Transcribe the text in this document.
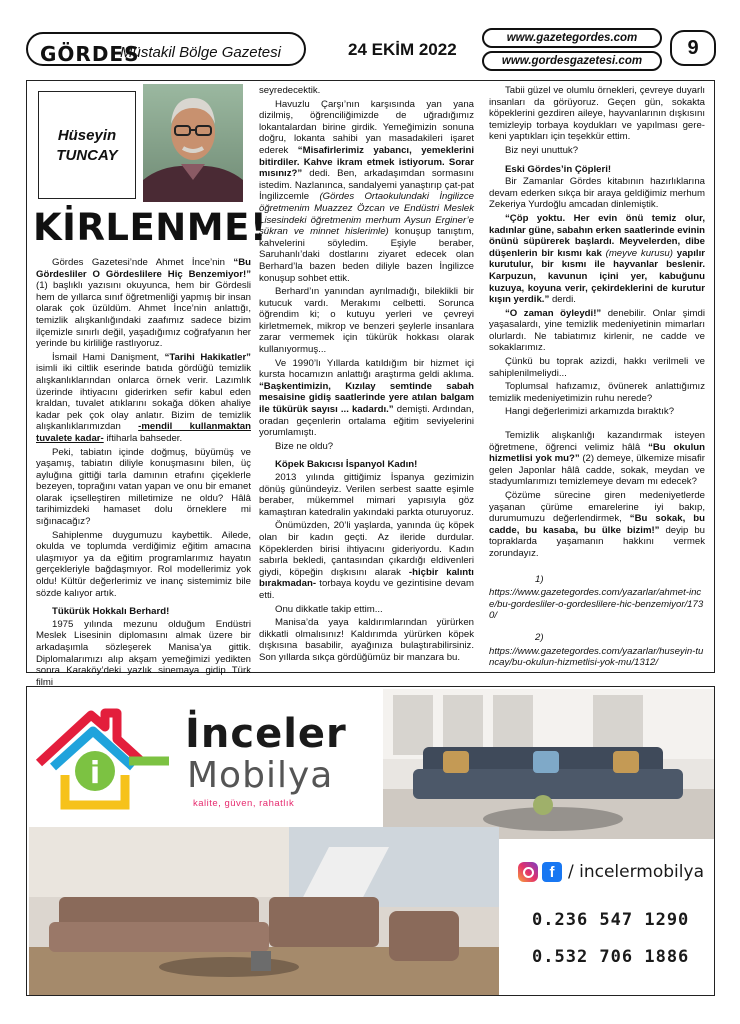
GÖRDES
Müstakil Bölge Gazetesi	24 EKİM 2022
www.gazetegordes.com
www.gordesgazetesi.com
9
Hüseyin
TUNCAY
KİRLENME!

Gördes Gazetesi’nde Ahmet İnce’nin “Bu Gördesliler O Gördeslilere Hiç Benzemiyor!” (1) başlıklı yazısını okuyunca, hem bir Gördesli hem de yıllarca sınıf öğretmenliği yapmış bir insan olarak çok üzüldüm. Ahmet İnce’nin anlattığı, temizlik alışkanlığındaki zaafımız sadece bizim ilçemizle sınırlı değil, yaşadığımız coğrafyanın her yerinde bu kirliliğe rastlıyoruz.

İsmail Hami Danişment, “Tarihi Hakikatler” isimli iki ciltlik eserinde batıda gördüğü temizlik alışkanlıklarından onlarca örnek verir. Lazımlık üzerinde ihtiyacını giderirken sefir kabul eden kraldan, tuvalet atıklarını sokağa döken ahaliye kadar pek çok olay anlatır. Bizim de temizlik alışkanlıklarımızdan -mendil kullanmaktan tuvalete kadar- iftiharla bahseder.

Peki, tabiatın içinde doğmuş, büyümüş ve yaşamış, tabiatın diliyle konuşmasını bilen, üç ayluğına gittiği tarla damının etrafını çiçeklerle bezeyen, toprağını vatan yapan ve onu bir emanet olarak içselleştiren milletimize ne oldu? Hâlâ tarihimizdeki hamaset dolu örneklere mi sığınacağız?

Sahiplenme duygumuzu kaybettik. Ailede, okulda ve toplumda verdiğimiz eğitim amacına ulaşmıyor ya da eğitim programlarımız hayatın gerçekleriyle bağdaşmıyor. Rol modellerimiz yok oldu! Kültür değerlerimiz ve inanç sistemimiz bile sözde kalıyor artık.

Tükürük Hokkalı Berhard!

1975 yılında mezunu olduğum Endüstri Meslek Lisesinin diplomasını almak üzere bir arkadaşımla sözleşerek Manisa’ya gittik. Diplomalarımızı alıp akşam yemeğimizi yedikten sonra Karaköy’deki yazlık sinemaya gidip Türk filmi

seyredecektik.

Havuzlu Çarşı’nın karşısında yan yana dizilmiş, öğrenciliğimizde de uğradığımız lokantalardan birine girdik. Yemeğimizin sonuna doğru, lokanta sahibi yan masadakileri işaret ederek “Misafirlerimiz yabancı, yemeklerini bitirdiler. Kahve ikram etmek istiyorum. Sorar mısınız?” dedi. Ben, arkadaşımdan sormasını istedim. Nazlanınca, sandalyemi yanaştırıp çat-pat İngilizcemle (Gördes Ortaokulundaki İngilizce öğretmenim Muazzez Özcan ve Endüstri Meslek Lisesindeki öğretmenim merhum Aysun Erginer’e şükran ve minnet hislerimle) konuşup tanıştım, kahvelerini söyledim. Eşiyle beraber, Saruhanlı’daki dostlarını ziyaret edecek olan Berhard’la bazen beden diliyle bazen İngilizce konuşup sohbet ettik.

Berhard’ın yanından ayrılmadığı, bileklikli bir kutucuk vardı. Merakımı celbetti. Sorunca öğrendim ki; o kutuyu yerleri ve çevreyi kirletmemek, mikrop ve benzeri şeylerle insanlara zarar vermemek için tükürük hokkası olarak kullanıyormuş...

Ve 1990’lı Yıllarda katıldığım bir hizmet içi kursta hocamızın anlattığı araştırma geldi aklıma. “Başkentimizin, Kızılay semtinde sabah mesaisine gidiş saatlerinde yere atılan balgam ile tükürük sayısı ... kadardı.” demişti. Ardından, oradan geçenlerin ortalama eğitim seviyelerini yorumlamıştı.

Bize ne oldu?

Köpek Bakıcısı İspanyol Kadın!

2013 yılında gittiğimiz İspanya gezimizin dönüş günündeyiz. Verilen serbest saatte eşimle beraber, mükemmel mimari yapısıyla göz kamaştıran katedralin yakındaki parkta oturuyoruz.

Önümüzden, 20’li yaşlarda, yanında üç köpek olan bir kadın geçti. Az ileride durdular. Köpeklerden birisi ihtiyacını gideriyordu. Kadın sabırla bekledi, çantasından çıkardığı eldivenleri giydi, köpeğin dışkısını alarak -hiçbir kalıntı bırakmadan- torbaya koydu ve gezintisine devam etti.

Onu dikkatle takip ettim...

Manisa’da yaya kaldırımlarından yürürken dikkatli olmalısınız! Kaldırımda yürürken köpek dışkısına basabilir, ayağınıza bulaştırabilirsiniz. Son yıllarda sıkça gördüğümüz bir manzara bu.

Tabii güzel ve olumlu örnekleri, çevreye duyarlı insanları da görüyoruz. Geçen gün, sokakta köpeklerini gezdiren aileye, hayvanlarının dışkısını temizleyip torbaya koydukları ve yapılması gere-keni yaptıkları için teşekkür ettim.

Biz neyi unuttuk?

Eski Gördes’in Çöpleri!

Bir Zamanlar Gördes kitabının hazırlıklarına devam ederken sıkça bir araya geldiğimiz merhum Zekeriya Yurdoğlu amcadan dinlemiştik.

“Çöp yoktu. Her evin önü temiz olur, kadınlar güne, sabahın erken saatlerinde evinin önünü süpürerek başlardı. Meyvelerden, dibe düşenlerin bir kısmı kak (meyve kurusu) yapılır kurutulur, bir kısmı ile hayvanlar beslenir. Karpuzun, kavunun içini yer, kabuğunu kuzuya, koyuna verir, çekirdeklerini de kurutur kışın yerdik.” derdi.

“O zaman öyleydi!” denebilir. Onlar şimdi yaşasalardı, yine temizlik medeniyetinin mimarları olurlardı. Ne tabiatımız kirlenir, ne cadde ve sokaklarımız.

Çünkü bu toprak azizdi, hakkı verilmeli ve sahiplenilmeliydi...

Toplumsal hafızamız, övünerek anlattığımız temizlik medeniyetimizin ruhu nerede?

Hangi değerlerimizi arkamızda bıraktık?

Temizlik alışkanlığı kazandırmak isteyen öğretmene, öğrenci velimiz hâlâ “Bu okulun hizmetlisi yok mu?” (2) demeye, ülkemize misafir gelen Japonlar hâlâ cadde, sokak, meydan ve stadyumlarımızı temizlemeye devam mı edecek?

Çözüme sürecine giren medeniyetlerde yaşanan çürüme emarelerine iyi bakıp, durumumuzu değerlendirmek, “Bu sokak, bu cadde, bu kasaba, bu ülke bizim!” deyip bu topraklarda yaşamanın hakkını vermek zorundayız.

1)

https://www.gazetegordes.com/yazarlar/ahmet-ince/bu-gordesliler-o-gordeslilere-hic-benzemiyor/1730/

2)

https://www.gazetegordes.com/yazarlar/huseyin-tuncay/bu-okulun-hizmetlisi-yok-mu/1312/

i
İnceler
Mobilya
kalite, güven, rahatlık
f / incelermobilya
0.236 547 1290
0.532 706 1886
